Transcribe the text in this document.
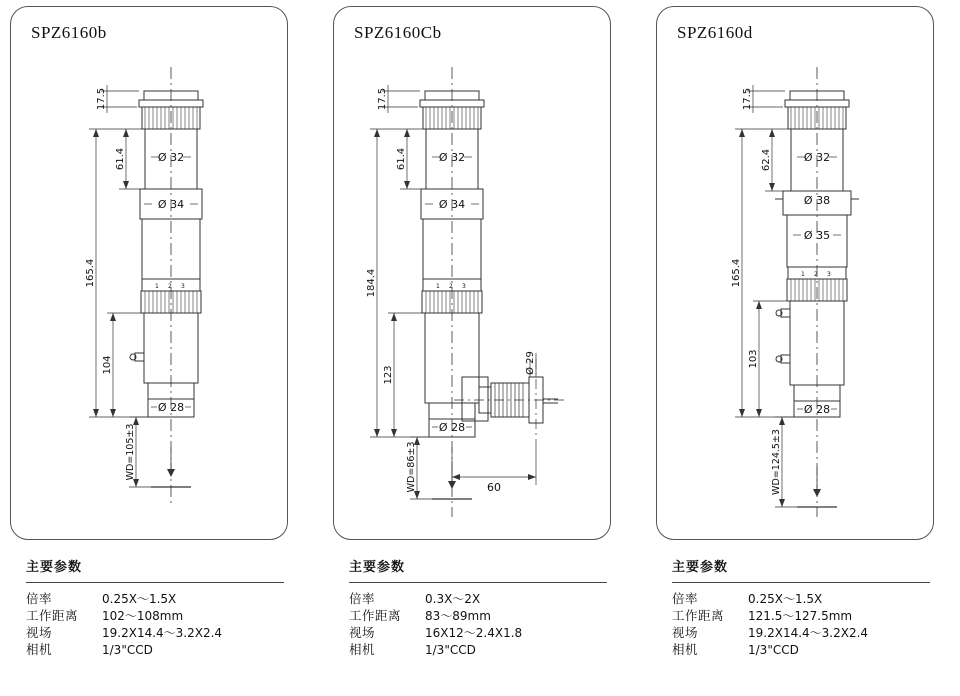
SPZ6160b
17.5
61.4
165.4
104
WD=105±3
Ø 32
Ø 34
Ø 28
1 2 3
主要参数
倍率	0.25X～1.5X
工作距离	102～108mm
视场	19.2X14.4～3.2X2.4
相机	1/3"CCD
SPZ6160Cb
17.5
61.4
184.4
123
WD=86±3
Ø 32
Ø 34
Ø 28
Ø 29
60
1 2 3
主要参数
倍率	0.3X～2X
工作距离	83～89mm
视场	16X12～2.4X1.8
相机	1/3"CCD
SPZ6160d
17.5
62.4
165.4
103
WD=124.5±3
Ø 32
Ø 38
Ø 35
Ø 28
1 2 3
主要参数
倍率	0.25X～1.5X
工作距离	121.5～127.5mm
视场	19.2X14.4～3.2X2.4
相机	1/3"CCD
